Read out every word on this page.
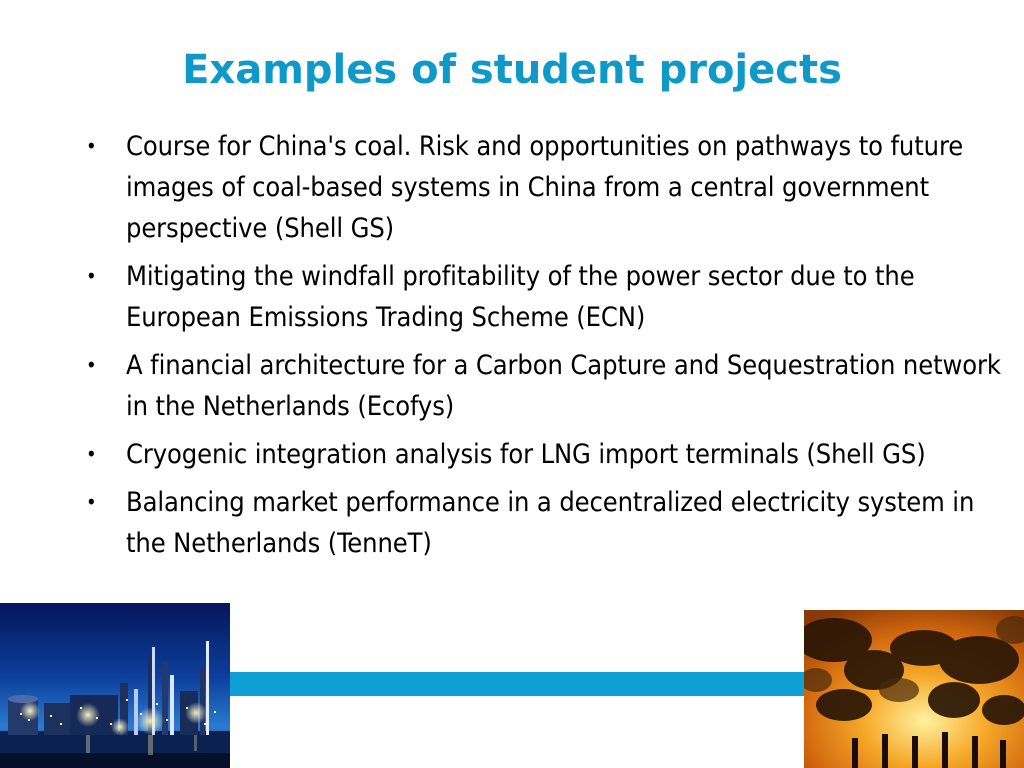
Examples of student projects
• Course for China's coal. Risk and opportunities on pathways to future images of coal-based systems in China from a central government perspective (Shell GS)
• Mitigating the windfall profitability of the power sector due to the European Emissions Trading Scheme (ECN)
• A financial architecture for a Carbon Capture and Sequestration network in the Netherlands (Ecofys)
• Cryogenic integration analysis for LNG import terminals (Shell GS)
• Balancing market performance in a decentralized electricity system in the Netherlands (TenneT)
